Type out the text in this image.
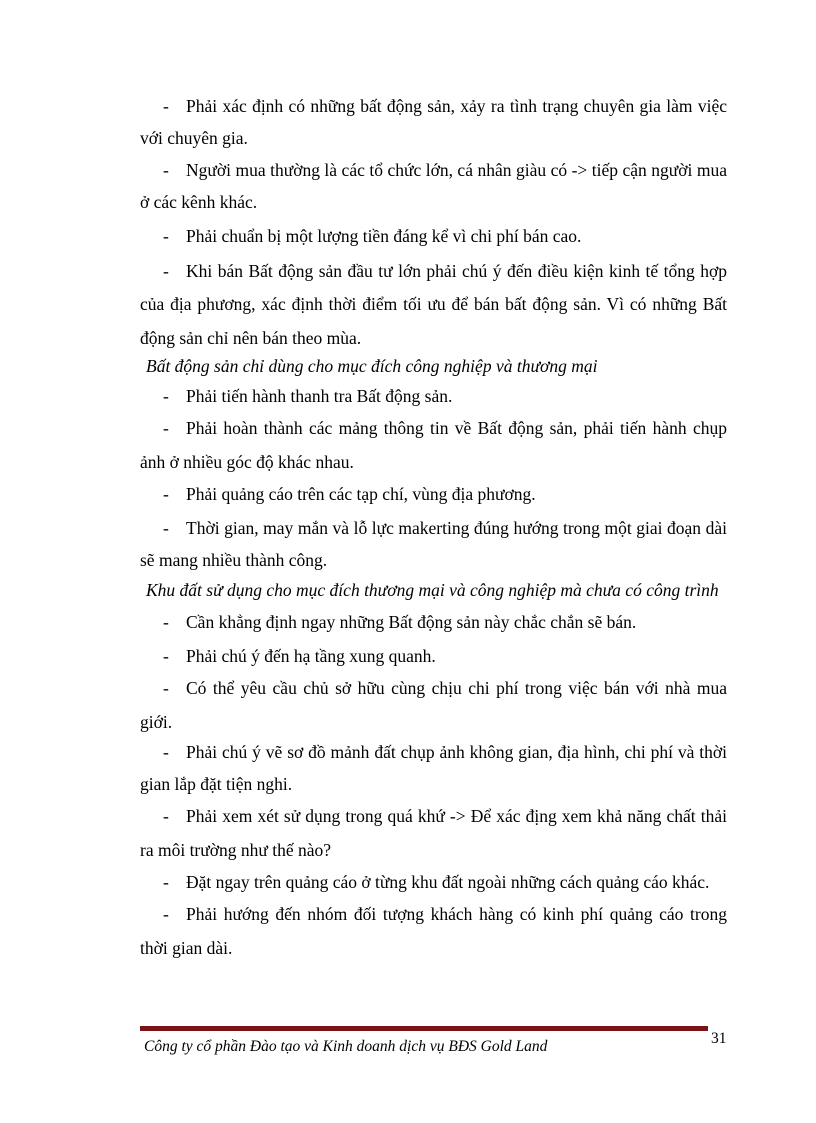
- Phải xác định có những bất động sản, xảy ra tình trạng chuyên gia làm việc
với chuyên gia.
- Người mua thường là các tổ chức lớn, cá nhân giàu có -> tiếp cận người mua
ở các kênh khác.
- Phải chuẩn bị một lượng tiền đáng kể vì chi phí bán cao.
- Khi bán Bất động sản đầu tư lớn phải chú ý đến điều kiện kinh tế tổng hợp
của địa phương, xác định thời điểm tối ưu để bán bất động sản. Vì có những Bất
động sản chỉ nên bán theo mùa.
Bất động sản chỉ dùng cho mục đích công nghiệp và thương mại
- Phải tiến hành thanh tra Bất động sản.
- Phải hoàn thành các mảng thông tin về Bất động sản, phải tiến hành chụp
ảnh ở nhiều góc độ khác nhau.
- Phải quảng cáo trên các tạp chí, vùng địa phương.
- Thời gian, may mắn và lỗ lực makerting đúng hướng trong một giai đoạn dài
sẽ mang nhiều thành công.
Khu đất sử dụng cho mục đích thương mại và công nghiệp mà chưa có công trình
- Cần khẳng định ngay những Bất động sản này chắc chắn sẽ bán.
- Phải chú ý đến hạ tầng xung quanh.
- Có thể yêu cầu chủ sở hữu cùng chịu chi phí trong việc bán với nhà mua
giới.
- Phải chú ý vẽ sơ đồ mảnh đất chụp ảnh không gian, địa hình, chi phí và thời
gian lắp đặt tiện nghi.
- Phải xem xét sử dụng trong quá khứ -> Để xác địng xem khả năng chất thải
ra môi trường như thế nào?
- Đặt ngay trên quảng cáo ở từng khu đất ngoài những cách quảng cáo khác.
- Phải hướng đến nhóm đối tượng khách hàng có kinh phí quảng cáo trong
thời gian dài.
Công ty cổ phần Đào tạo và Kinh doanh dịch vụ BĐS Gold Land	31
